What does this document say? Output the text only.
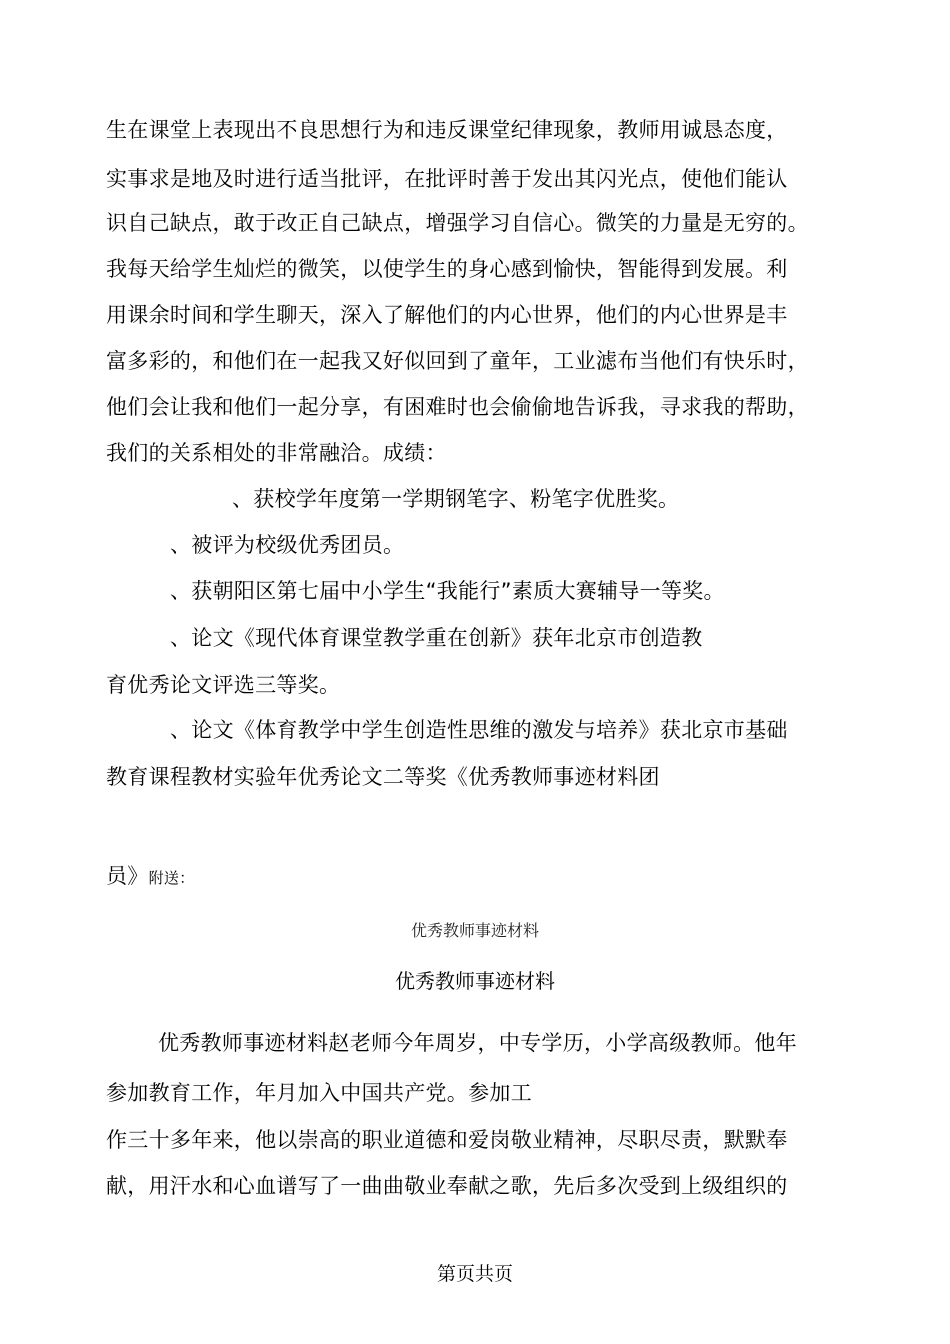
生在课堂上表现出不良思想行为和违反课堂纪律现象，教师用诚恳态度，
实事求是地及时进行适当批评，在批评时善于发出其闪光点，使他们能认
识自己缺点，敢于改正自己缺点，增强学习自信心。微笑的力量是无穷的。
我每天给学生灿烂的微笑，以使学生的身心感到愉快，智能得到发展。利
用课余时间和学生聊天，深入了解他们的内心世界，他们的内心世界是丰
富多彩的，和他们在一起我又好似回到了童年，工业滤布当他们有快乐时，
他们会让我和他们一起分享，有困难时也会偷偷地告诉我，寻求我的帮助，
我们的关系相处的非常融洽。成绩：
、获校学年度第一学期钢笔字、粉笔字优胜奖。
、被评为校级优秀团员。
、获朝阳区第七届中小学生“我能行”素质大赛辅导一等奖。
、论文《现代体育课堂教学重在创新》获年北京市创造教
育优秀论文评选三等奖。
、论文《体育教学中学生创造性思维的激发与培养》获北京市基础
教育课程教材实验年优秀论文二等奖《优秀教师事迹材料团
员》附送：
优秀教师事迹材料
优秀教师事迹材料
优秀教师事迹材料赵老师今年周岁，中专学历，小学高级教师。他年
参加教育工作，年月加入中国共产党。参加工
作三十多年来，他以崇高的职业道德和爱岗敬业精神，尽职尽责，默默奉
献，用汗水和心血谱写了一曲曲敬业奉献之歌，先后多次受到上级组织的
第页共页
